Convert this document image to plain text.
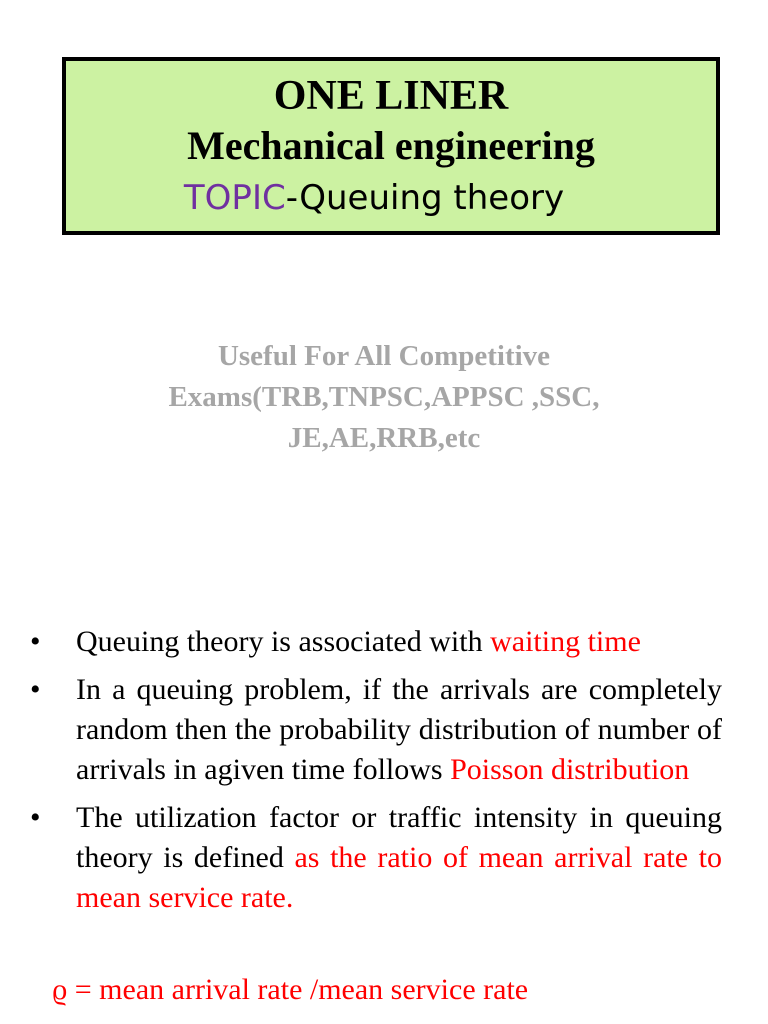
ONE LINER
Mechanical engineering
TOPIC-Queuing theory
Useful For All Competitive
Exams(TRB,TNPSC,APPSC ,SSC,
JE,AE,RRB,etc
•	Queuing theory is associated with waiting time
•	In a queuing problem, if the arrivals are completely random then the probability distribution of number of arrivals in agiven time follows Poisson distribution
•	The utilization factor or traffic intensity in queuing theory is defined as the ratio of mean arrival rate to mean service rate.
ϱ = mean arrival rate /mean service rate
